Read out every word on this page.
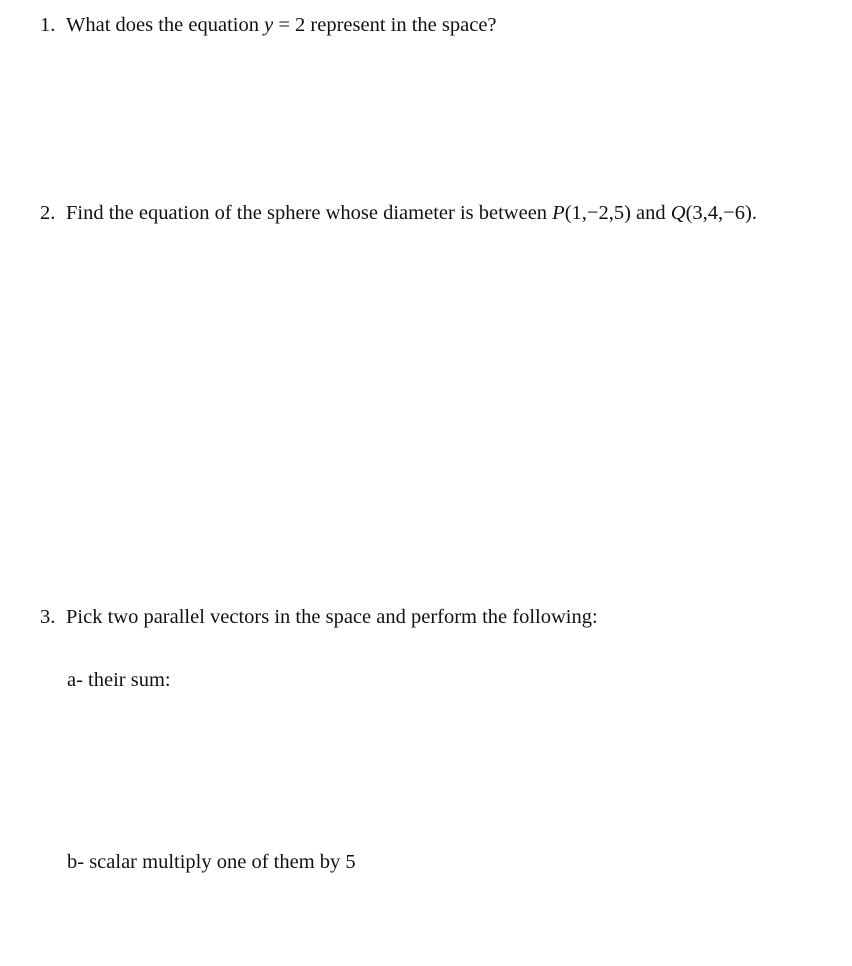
1. What does the equation y = 2 represent in the space?
2. Find the equation of the sphere whose diameter is between P(1,−2,5) and Q(3,4,−6).
3. Pick two parallel vectors in the space and perform the following:
a- their sum:
b- scalar multiply one of them by 5
